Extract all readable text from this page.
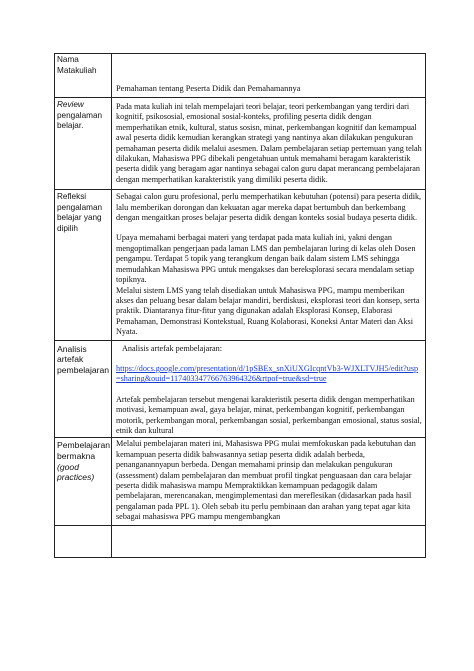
Nama Matakuliah	Pemahaman tentang Peserta Didik dan Pemahamannya
Review pengalaman belajar.	Pada mata kuliah ini telah mempelajari teori belajar, teori perkembangan yang terdiri dari kognitif, psikososial, emosional sosial-konteks, profiling peserta didik dengan memperhatikan etnik, kultural, status sosisn, minat, perkembangan kognitif dan kemampual awal peserta didik kemudian kerangkan strategi yang nantinya akan dilakukan pengukuran pemahaman peserta didik melalui asesmen. Dalam pembelajaran setiap pertemuan yang telah dilakukan, Mahasiswa PPG dibekali pengetahuan untuk memahami beragam karakteristik peserta didik yang beragam agar nantinya sebagai calon guru dapat merancang pembelajaran dengan memperhatikan karakteristik yang dimiliki peserta didik.

Refleksi pengalaman belajar yang dipilih	Sebagai calon guru profesional, perlu memperhatikan kebutuhan (potensi) para peserta didik, lalu memberikan dorongan dan kekuatan agar mereka dapat bertumbuh dan berkembang dengan mengaitkan proses belajar peserta didik dengan konteks sosial budaya peserta didik.

Upaya memahami berbagai materi yang terdapat pada mata kuliah ini, yakni dengan mengoptimalkan pengerjaan pada laman LMS dan pembelajaran luring di kelas oleh Dosen pengampu. Terdapat 5 topik yang terangkum dengan baik dalam sistem LMS sehingga memudahkan Mahasiswa PPG untuk mengakses dan bereksplorasi secara mendalam setiap topiknya.

Melalui sistem LMS yang telah disediakan untuk Mahasiswa PPG, mampu memberikan akses dan peluang besar dalam belajar mandiri, berdiskusi, eksplorasi teori dan konsep, serta praktik. Diantaranya fitur-fitur yang digunakan adalah Eksplorasi Konsep, Elaborasi Pemahaman, Demonstrasi Kontekstual, Ruang Kolaborasi, Koneksi Antar Materi dan Aksi Nyata.

Analisis artefak pembelajaran	Analisis artefak pembelajaran:

https://docs.google.com/presentation/d/1pSBEx_snXiUXGIcqntVb3-WJXLTVJH5/edit?usp=sharing&ouid=117403347766763964326&rtpof=true&sd=true

Artefak pembelajaran tersebut mengenai karakteristik peserta didik dengan memperhatikan motivasi, kemampuan awal, gaya belajar, minat, perkembangan kognitif, perkembangan motorik, perkembangan moral, perkembangan sosial, perkembangan emosional, status sosial, etnik dan kultural

Pembelajaran bermakna (good practices)	Melalui pembelajaran materi ini, Mahasiswa PPG mulai memfokuskan pada kebutuhan dan kemampuan peserta didik bahwasannya setiap peserta didik adalah berbeda, penanganannyapun berbeda. Dengan memahami prinsip dan melakukan pengukuran (assessment) dalam pembelajaran dan membuat profil tingkat penguasaan dan cara belajar peserta didik mahasiswa mampu Mempraktikkan kemampuan pedagogik dalam pembelajaran, merencanakan, mengimplementasi dan mereflesikan (didasarkan pada hasil pengalaman pada PPL 1). Oleh sebab itu perlu pembinaan dan arahan yang tepat agar kita sebagai mahasiswa PPG mampu mengembangkan
